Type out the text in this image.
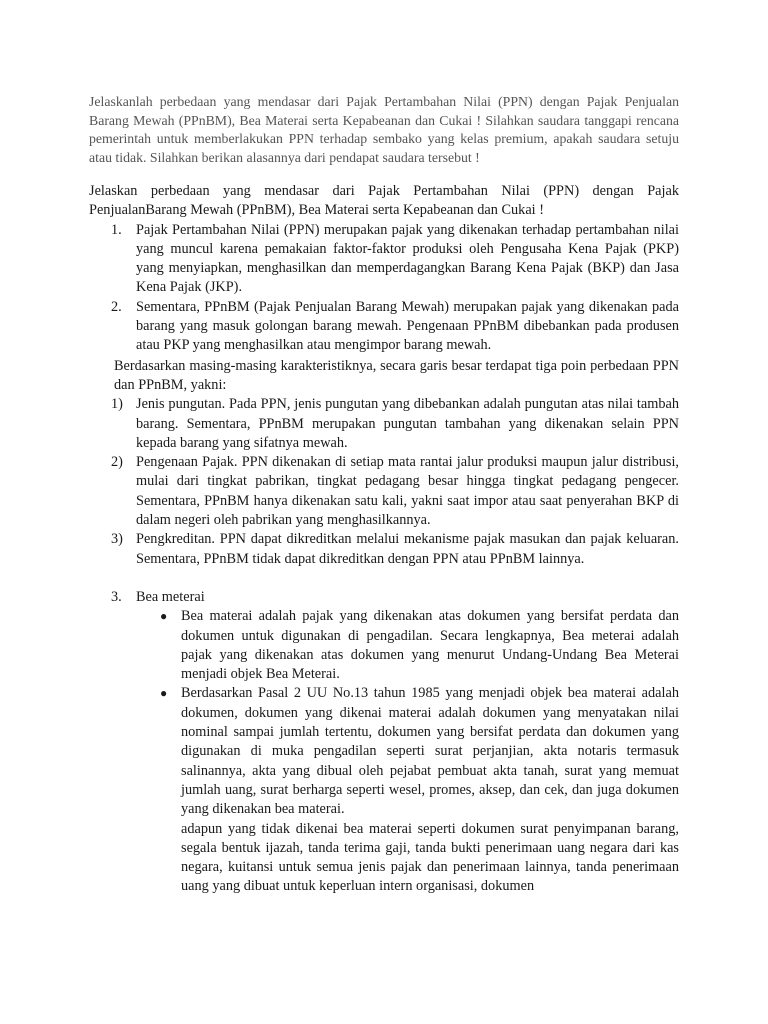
Jelaskanlah perbedaan yang mendasar dari Pajak Pertambahan Nilai (PPN) dengan Pajak Penjualan Barang Mewah (PPnBM), Bea Materai serta Kepabeanan dan Cukai ! Silahkan saudara tanggapi rencana pemerintah untuk memberlakukan PPN terhadap sembako yang kelas premium, apakah saudara setuju atau tidak. Silahkan berikan alasannya dari pendapat saudara tersebut !

Jelaskan perbedaan yang mendasar dari Pajak Pertambahan Nilai (PPN) dengan Pajak

PenjualanBarang Mewah (PPnBM), Bea Materai serta Kepabeanan dan Cukai !

1. Pajak Pertambahan Nilai (PPN) merupakan pajak yang dikenakan terhadap pertambahan nilai yang muncul karena pemakaian faktor-faktor produksi oleh Pengusaha Kena Pajak (PKP) yang menyiapkan, menghasilkan dan memperdagangkan Barang Kena Pajak (BKP) dan Jasa Kena Pajak (JKP).
2. Sementara, PPnBM (Pajak Penjualan Barang Mewah) merupakan pajak yang dikenakan pada barang yang masuk golongan barang mewah. Pengenaan PPnBM dibebankan pada produsen atau PKP yang menghasilkan atau mengimpor barang mewah.

Berdasarkan masing-masing karakteristiknya, secara garis besar terdapat tiga poin perbedaan PPN dan PPnBM, yakni:

1) Jenis pungutan. Pada PPN, jenis pungutan yang dibebankan adalah pungutan atas nilai tambah barang. Sementara, PPnBM merupakan pungutan tambahan yang dikenakan selain PPN kepada barang yang sifatnya mewah.
2) Pengenaan Pajak. PPN dikenakan di setiap mata rantai jalur produksi maupun jalur distribusi, mulai dari tingkat pabrikan, tingkat pedagang besar hingga tingkat pedagang pengecer. Sementara, PPnBM hanya dikenakan satu kali, yakni saat impor atau saat penyerahan BKP di dalam negeri oleh pabrikan yang menghasilkannya.
3) Pengkreditan. PPN dapat dikreditkan melalui mekanisme pajak masukan dan pajak keluaran. Sementara, PPnBM tidak dapat dikreditkan dengan PPN atau PPnBM lainnya.
3. Bea meterai
● Bea materai adalah pajak yang dikenakan atas dokumen yang bersifat perdata dan dokumen untuk digunakan di pengadilan. Secara lengkapnya, Bea meterai adalah pajak yang dikenakan atas dokumen yang menurut Undang-Undang Bea Meterai menjadi objek Bea Meterai.
● Berdasarkan Pasal 2 UU No.13 tahun 1985 yang menjadi objek bea materai adalah dokumen, dokumen yang dikenai materai adalah dokumen yang menyatakan nilai nominal sampai jumlah tertentu, dokumen yang bersifat perdata dan dokumen yang digunakan di muka pengadilan seperti surat perjanjian, akta notaris termasuk salinannya, akta yang dibual oleh pejabat pembuat akta tanah, surat yang memuat jumlah uang, surat berharga seperti wesel, promes, aksep, dan cek, dan juga dokumen yang dikenakan bea materai.

adapun yang tidak dikenai bea materai seperti dokumen surat penyimpanan barang, segala bentuk ijazah, tanda terima gaji, tanda bukti penerimaan uang negara dari kas negara, kuitansi untuk semua jenis pajak dan penerimaan lainnya, tanda penerimaan uang yang dibuat untuk keperluan intern organisasi, dokumen
